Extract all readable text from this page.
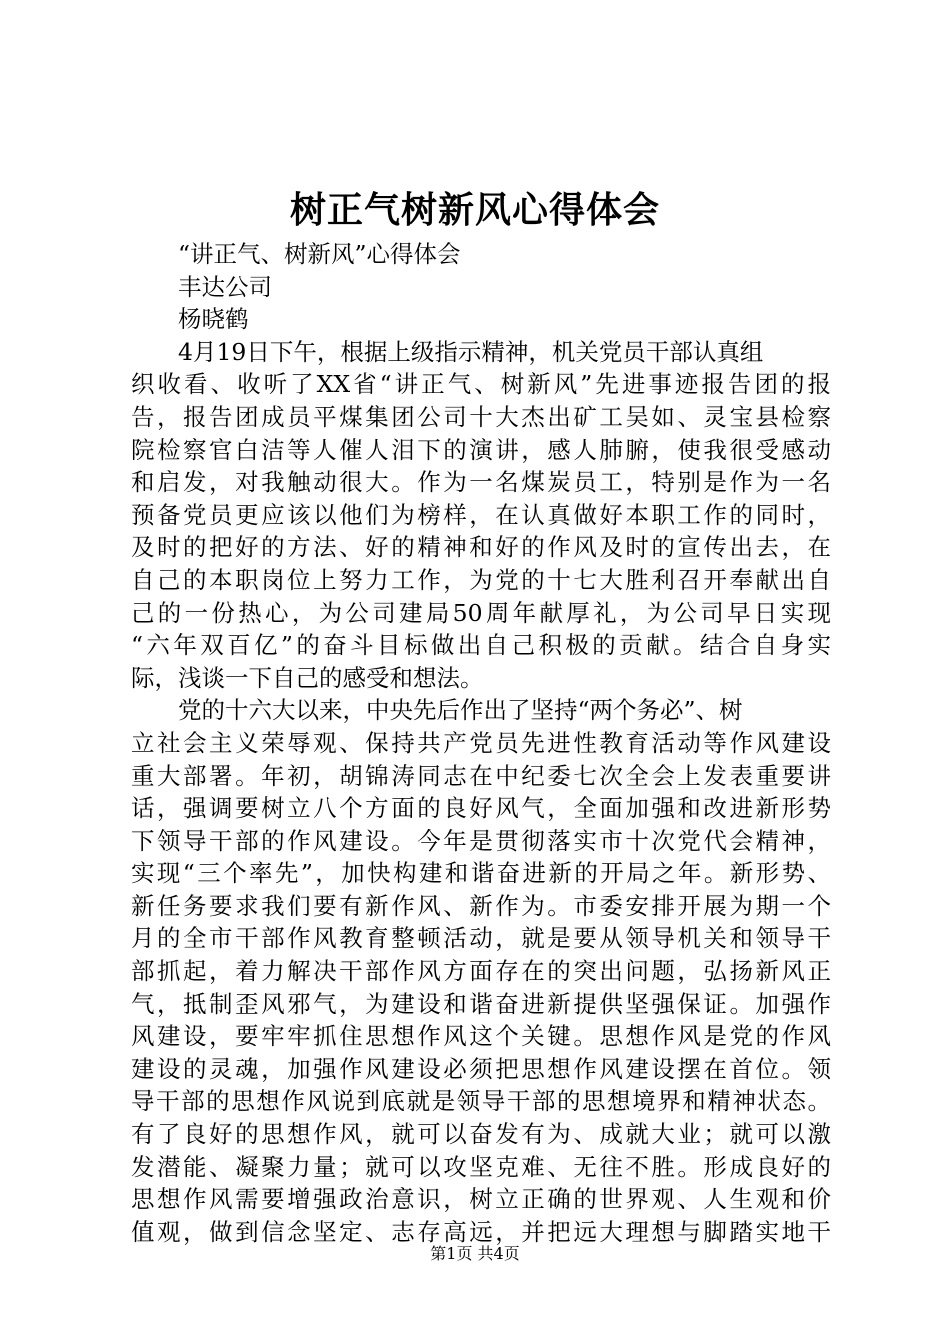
树正气树新风心得体会
“讲正气、树新风”心得体会
丰达公司
杨晓鹤
4月19日下午，根据上级指示精神，机关党员干部认真组
织收看、收听了XX省“讲正气、树新风”先进事迹报告团的报
告，报告团成员平煤集团公司十大杰出矿工吴如、灵宝县检察
院检察官白洁等人催人泪下的演讲，感人肺腑，使我很受感动
和启发，对我触动很大。作为一名煤炭员工，特别是作为一名
预备党员更应该以他们为榜样，在认真做好本职工作的同时，
及时的把好的方法、好的精神和好的作风及时的宣传出去，在
自己的本职岗位上努力工作，为党的十七大胜利召开奉献出自
己的一份热心，为公司建局50周年献厚礼，为公司早日实现
“六年双百亿”的奋斗目标做出自己积极的贡献。结合自身实
际，浅谈一下自己的感受和想法。
党的十六大以来，中央先后作出了坚持“两个务必”、树
立社会主义荣辱观、保持共产党员先进性教育活动等作风建设
重大部署。年初，胡锦涛同志在中纪委七次全会上发表重要讲
话，强调要树立八个方面的良好风气，全面加强和改进新形势
下领导干部的作风建设。今年是贯彻落实市十次党代会精神，
实现“三个率先”，加快构建和谐奋进新的开局之年。新形势、
新任务要求我们要有新作风、新作为。市委安排开展为期一个
月的全市干部作风教育整顿活动，就是要从领导机关和领导干
部抓起，着力解决干部作风方面存在的突出问题，弘扬新风正
气，抵制歪风邪气，为建设和谐奋进新提供坚强保证。加强作
风建设，要牢牢抓住思想作风这个关键。思想作风是党的作风
建设的灵魂，加强作风建设必须把思想作风建设摆在首位。领
导干部的思想作风说到底就是领导干部的思想境界和精神状态。
有了良好的思想作风，就可以奋发有为、成就大业；就可以激
发潜能、凝聚力量；就可以攻坚克难、无往不胜。形成良好的
思想作风需要增强政治意识，树立正确的世界观、人生观和价
值观，做到信念坚定、志存高远，并把远大理想与脚踏实地干
第1页 共4页
